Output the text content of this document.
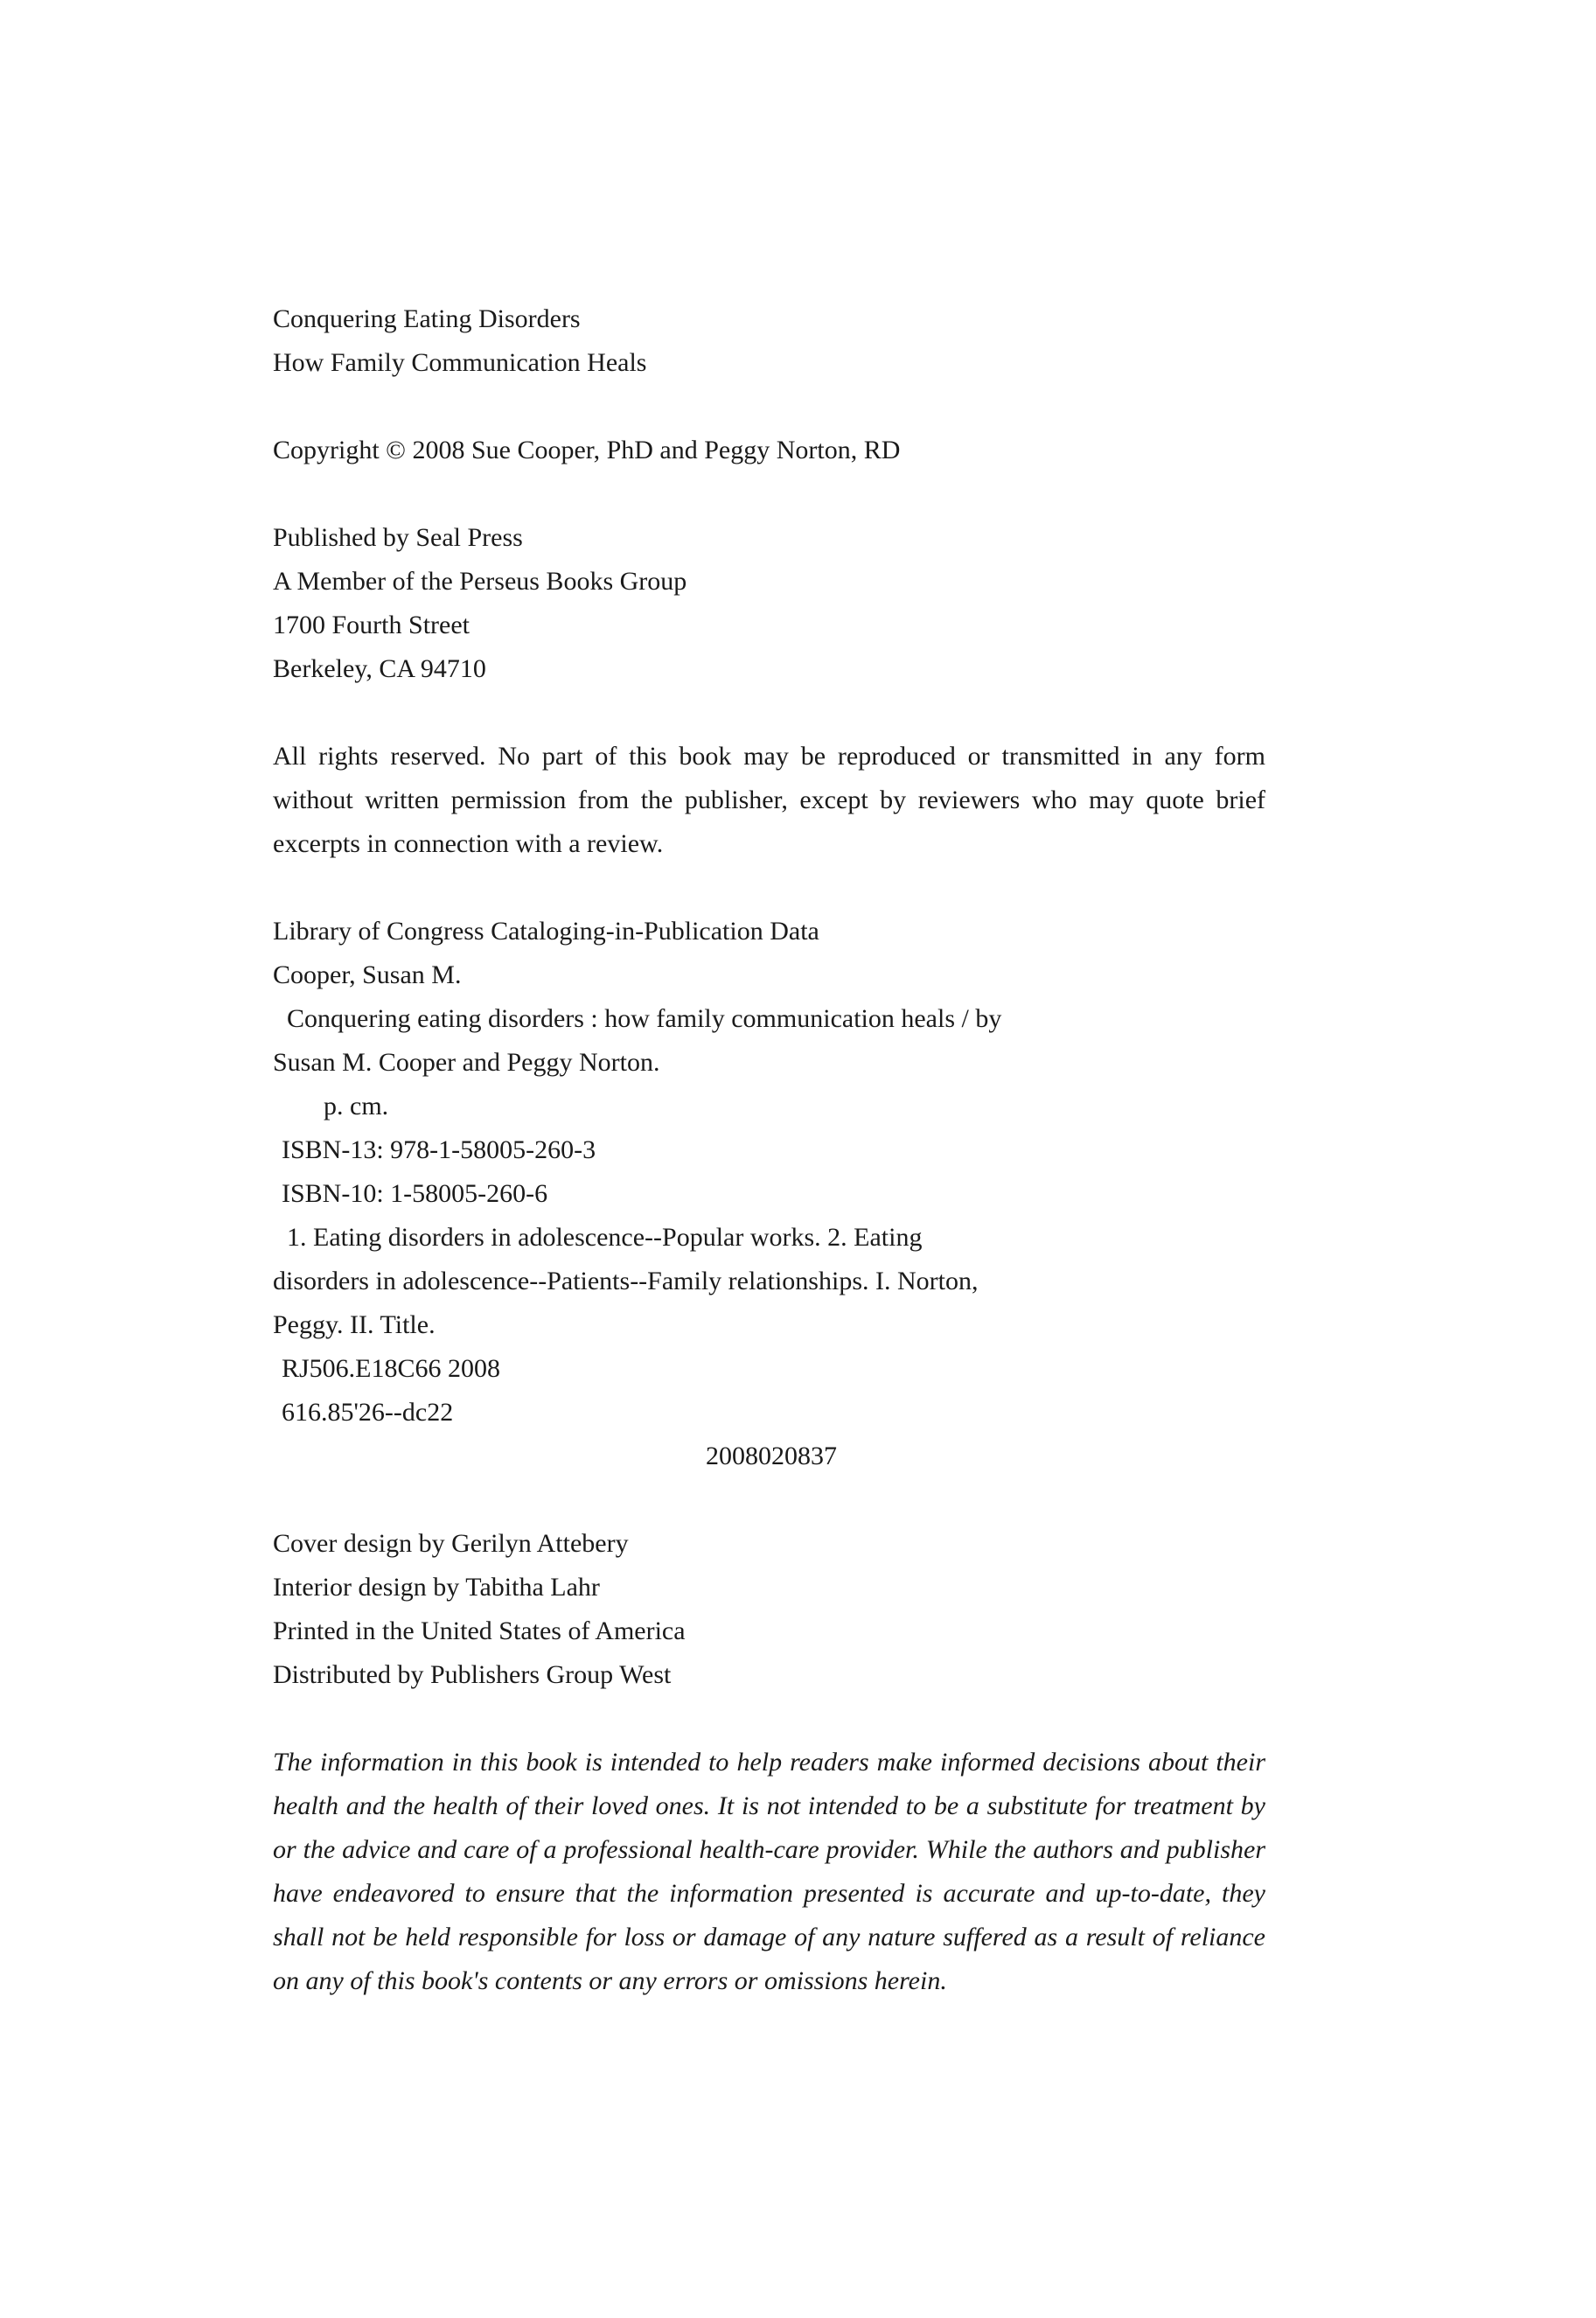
Conquering Eating Disorders
How Family Communication Heals
Copyright © 2008 Sue Cooper, PhD and Peggy Norton, RD
Published by Seal Press
A Member of the Perseus Books Group
1700 Fourth Street
Berkeley, CA 94710
All rights reserved. No part of this book may be reproduced or transmitted in any form without written permission from the publisher, except by reviewers who may quote brief excerpts in connection with a review.
Library of Congress Cataloging-in-Publication Data
Cooper, Susan M.
Conquering eating disorders : how family communication heals / by
Susan M. Cooper and Peggy Norton.
p. cm.
ISBN-13: 978-1-58005-260-3
ISBN-10: 1-58005-260-6
1. Eating disorders in adolescence--Popular works. 2. Eating
disorders in adolescence--Patients--Family relationships. I. Norton,
Peggy. II. Title.
RJ506.E18C66 2008
616.85'26--dc22
2008020837
Cover design by Gerilyn Attebery
Interior design by Tabitha Lahr
Printed in the United States of America
Distributed by Publishers Group West
The information in this book is intended to help readers make informed decisions about their health and the health of their loved ones. It is not intended to be a substitute for treatment by or the advice and care of a professional health-care provider. While the authors and publisher have endeavored to ensure that the information presented is accurate and up-to-date, they shall not be held responsible for loss or damage of any nature suffered as a result of reliance on any of this book's contents or any errors or omissions herein.
